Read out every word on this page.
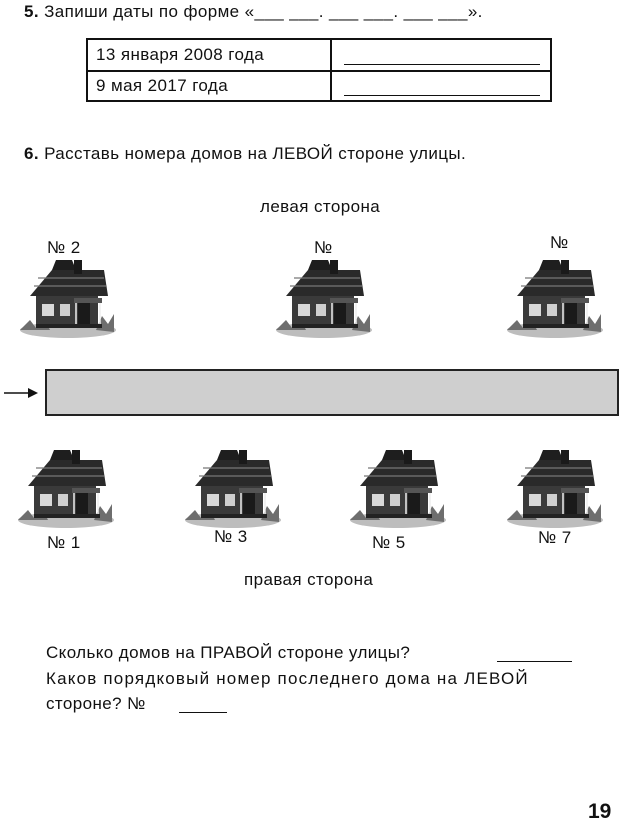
5. Запиши даты по форме «___ ___. ___ ___. ___ ___».
13 января 2008 года
9 мая 2017 года
6. Расставь номера домов на ЛЕВОЙ стороне улицы.
левая сторона
№ 2	№	№
№ 1	№ 3	№ 5	№ 7
правая сторона
Сколько домов на ПРАВОЙ стороне улицы?
Каков порядковый номер последнего дома на ЛЕВОЙ
стороне? №
19
